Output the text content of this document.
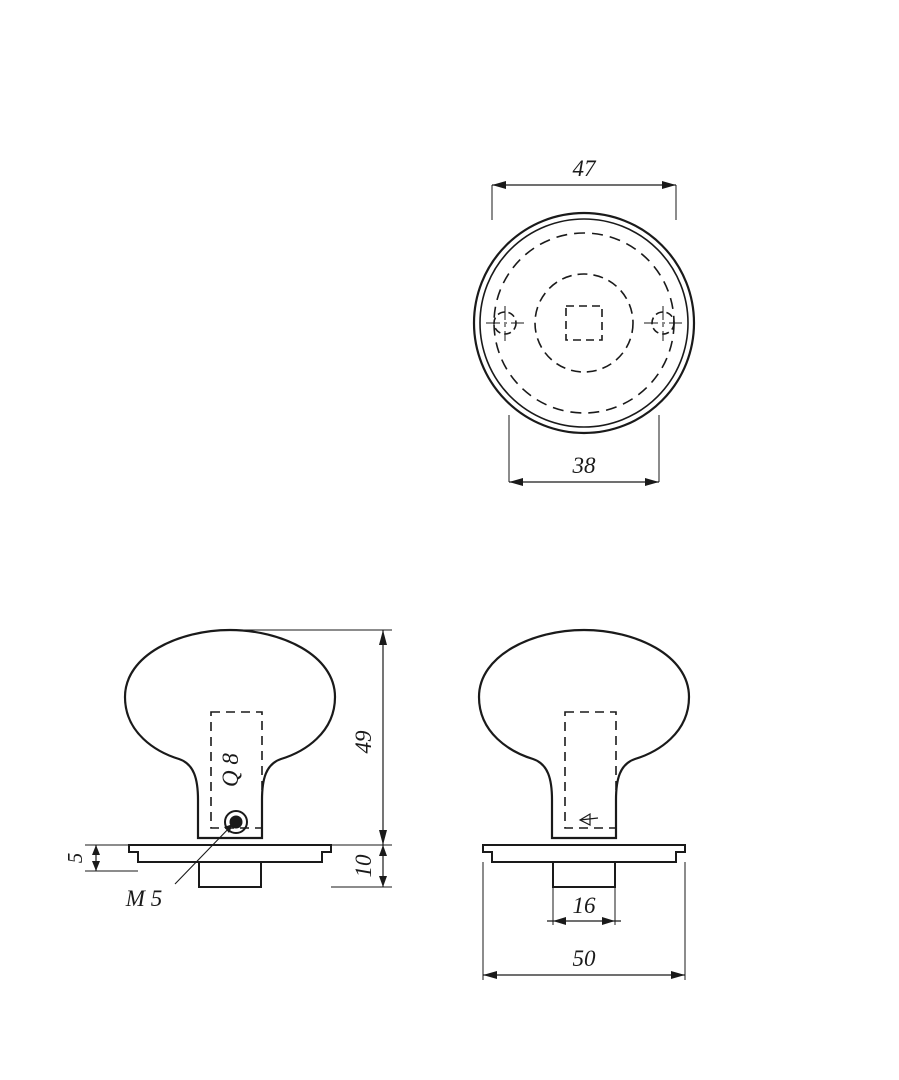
47
38
Q 8
M 5
49
10
5
16
50
